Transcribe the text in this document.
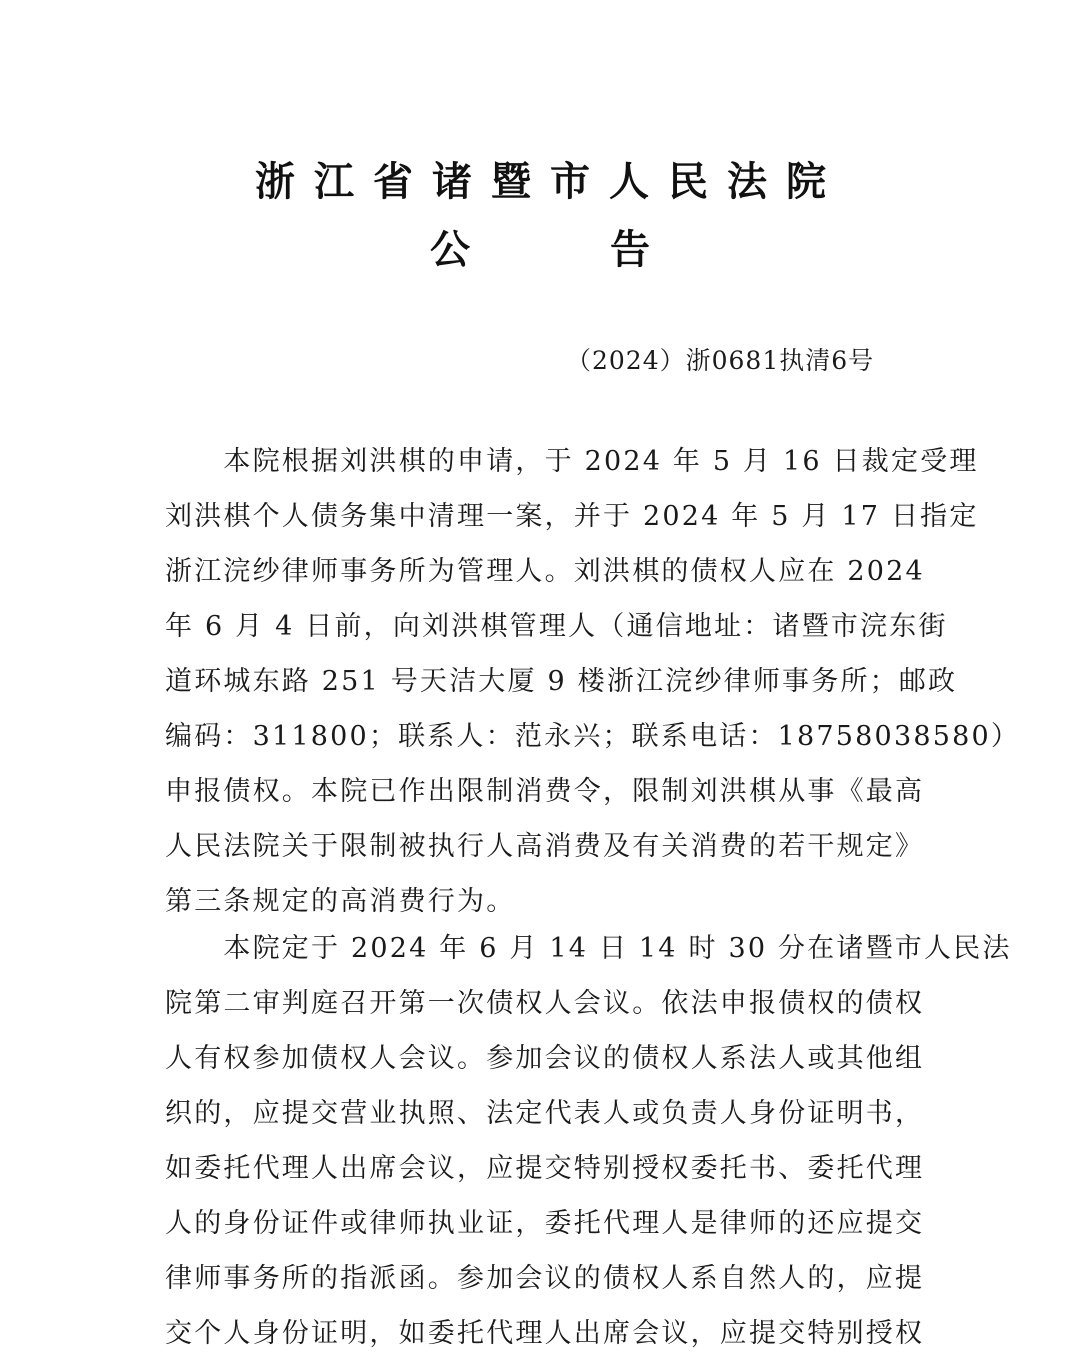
浙江省诸暨市人民法院
公	告
（2024）浙0681执清6号
　　本院根据刘洪棋的申请，于 2024 年 5 月 16 日裁定受理
刘洪棋个人债务集中清理一案，并于 2024 年 5 月 17 日指定
浙江浣纱律师事务所为管理人。刘洪棋的债权人应在 2024
年 6 月 4 日前，向刘洪棋管理人（通信地址：诸暨市浣东街
道环城东路 251 号天洁大厦 9 楼浙江浣纱律师事务所；邮政
编码：311800；联系人：范永兴；联系电话：18758038580）
申报债权。本院已作出限制消费令，限制刘洪棋从事《最高
人民法院关于限制被执行人高消费及有关消费的若干规定》
第三条规定的高消费行为。
　　本院定于 2024 年 6 月 14 日 14 时 30 分在诸暨市人民法
院第二审判庭召开第一次债权人会议。依法申报债权的债权
人有权参加债权人会议。参加会议的债权人系法人或其他组
织的，应提交营业执照、法定代表人或负责人身份证明书，
如委托代理人出席会议，应提交特别授权委托书、委托代理
人的身份证件或律师执业证，委托代理人是律师的还应提交
律师事务所的指派函。参加会议的债权人系自然人的，应提
交个人身份证明，如委托代理人出席会议，应提交特别授权
